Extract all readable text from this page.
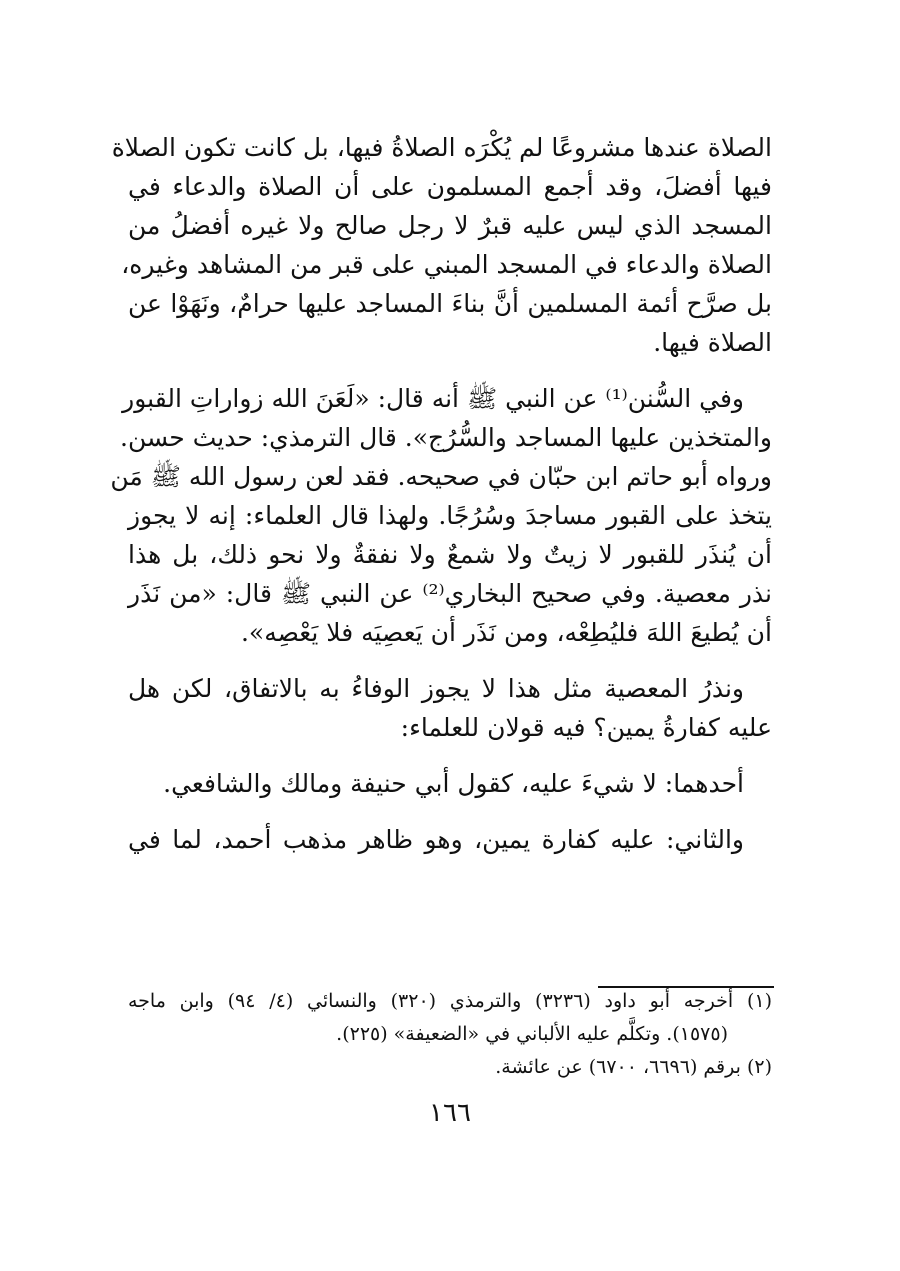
الصلاة عندها مشروعًا لم يُكْرَه الصلاةُ فيها، بل كانت تكون الصلاة
فيها أفضلَ، وقد أجمع المسلمون على أن الصلاة والدعاء في
المسجد الذي ليس عليه قبرٌ لا رجل صالح ولا غيره أفضلُ من
الصلاة والدعاء في المسجد المبني على قبر من المشاهد وغيره،
بل صرَّح أئمة المسلمين أنَّ بناءَ المساجد عليها حرامٌ، ونَهَوْا عن
الصلاة فيها.

وفي السُّنن⁽¹⁾ عن النبي ﷺ أنه قال: «لَعَنَ الله زواراتِ القبور
والمتخذين عليها المساجد والسُّرُج». قال الترمذي: حديث حسن.
ورواه أبو حاتم ابن حبّان في صحيحه. فقد لعن رسول الله ﷺ مَن
يتخذ على القبور مساجدَ وسُرُجًا. ولهذا قال العلماء: إنه لا يجوز
أن يُنذَر للقبور لا زيتٌ ولا شمعٌ ولا نفقةٌ ولا نحو ذلك، بل هذا
نذر معصية. وفي صحيح البخاري⁽²⁾ عن النبي ﷺ قال: «من نَذَر
أن يُطيعَ اللهَ فليُطِعْه، ومن نَذَر أن يَعصِيَه فلا يَعْصِه».

ونذرُ المعصية مثل هذا لا يجوز الوفاءُ به بالاتفاق، لكن هل
عليه كفارةُ يمين؟ فيه قولان للعلماء:

أحدهما: لا شيءَ عليه، كقول أبي حنيفة ومالك والشافعي.

والثاني: عليه كفارة يمين، وهو ظاهر مذهب أحمد، لما في

(١) أخرجه أبو داود (٣٢٣٦) والترمذي (٣٢٠) والنسائي (٤/ ٩٤) وابن ماجه
(١٥٧٥). وتكلَّم عليه الألباني في «الضعيفة» (٢٢٥).
(٢) برقم (٦٦٩٦، ٦٧٠٠) عن عائشة.
١٦٦
